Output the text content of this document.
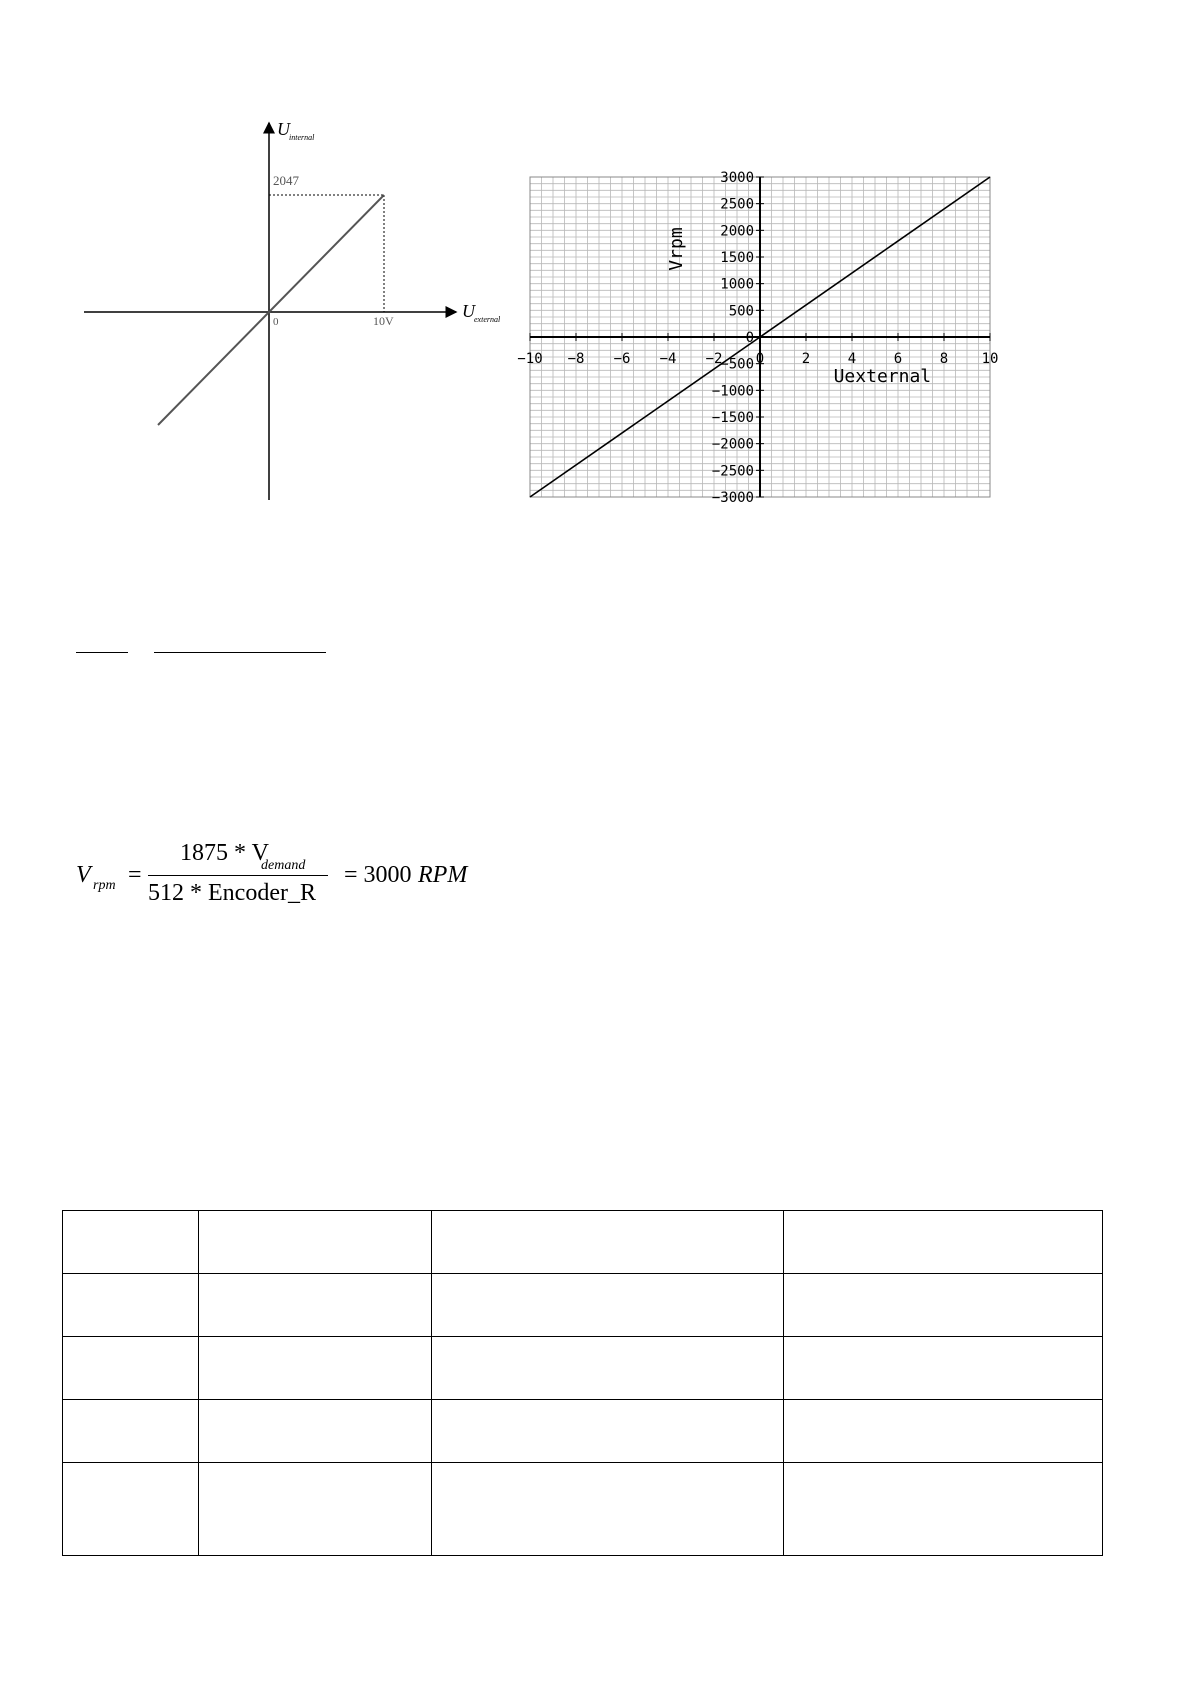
U internal
U external
2047
0	10V
−10 −8 −6 −4 −2 0	2	4	6	8 10
3000
2500
2000
1500
1000
500
0
−500
−1000
−1500
−2000
−2500
−3000
Uexternal
Vrpm
V rpm =
1875 * V
demand
512 * Encoder_R
= 3000 RPM
